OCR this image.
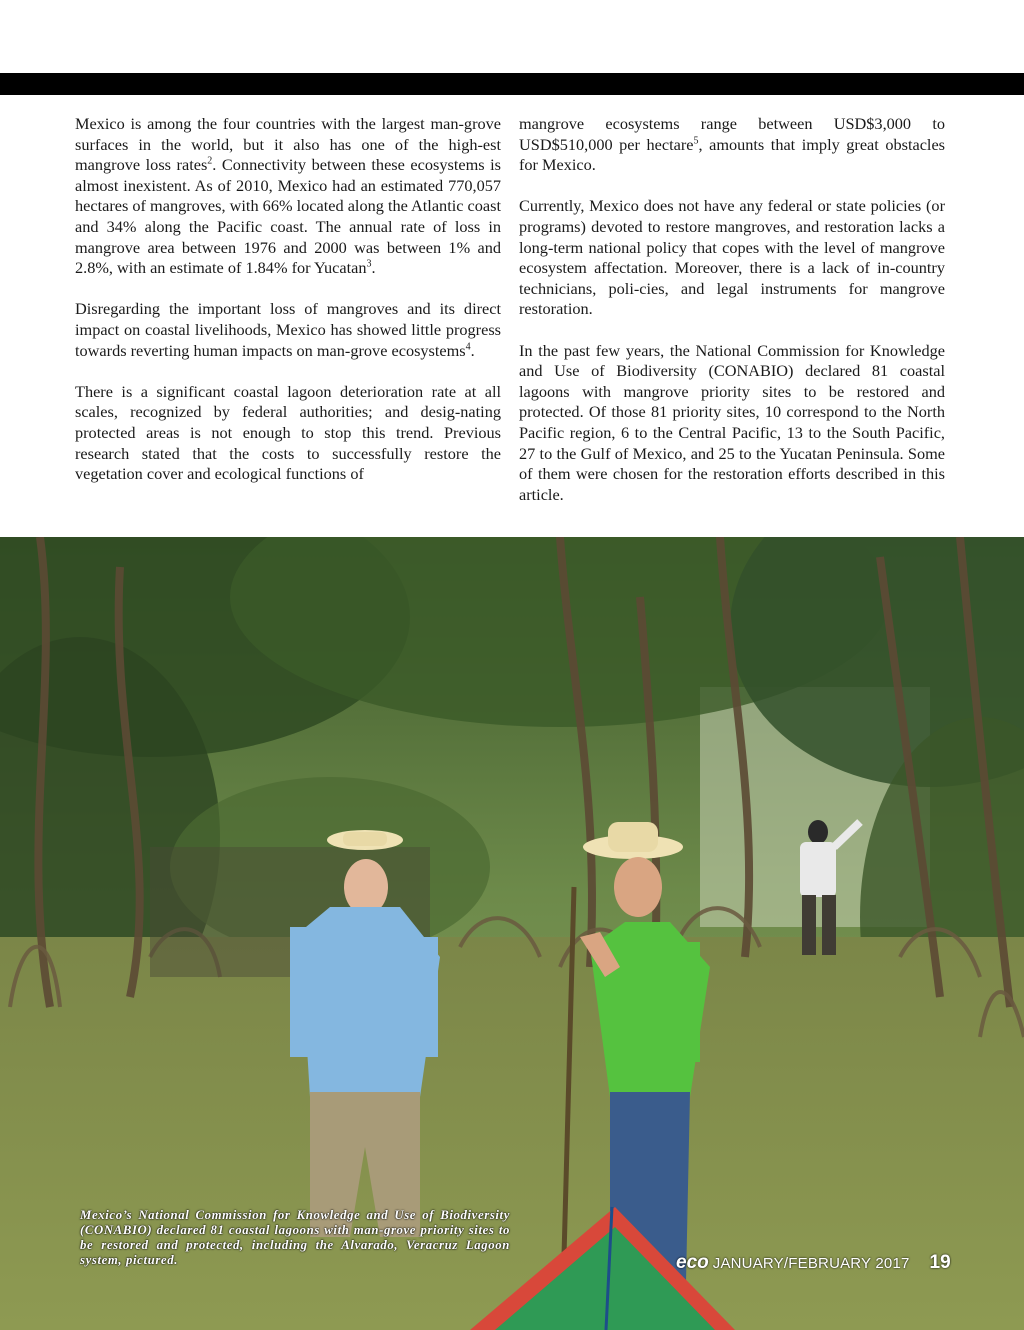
Mexico is among the four countries with the largest man-grove surfaces in the world, but it also has one of the high-est mangrove loss rates$^2$. Connectivity between these ecosystems is almost inexistent. As of 2010, Mexico had an estimated 770,057 hectares of mangroves, with 66% located along the Atlantic coast and 34% along the Pacific coast. The annual rate of loss in mangrove area between 1976 and 2000 was between 1% and 2.8%, with an estimate of 1.84% for Yucatan$^3$.

Disregarding the important loss of mangroves and its direct impact on coastal livelihoods, Mexico has showed little progress towards reverting human impacts on man-grove ecosystems$^4$.

There is a significant coastal lagoon deterioration rate at all scales, recognized by federal authorities; and desig-nating protected areas is not enough to stop this trend. Previous research stated that the costs to successfully restore the vegetation cover and ecological functions of

mangrove ecosystems range between USD$3,000 to USD$510,000 per hectare$^5$, amounts that imply great obstacles for Mexico.

Currently, Mexico does not have any federal or state policies (or programs) devoted to restore mangroves, and restoration lacks a long-term national policy that copes with the level of mangrove ecosystem affectation. Moreover, there is a lack of in-country technicians, poli-cies, and legal instruments for mangrove restoration.

In the past few years, the National Commission for Knowledge and Use of Biodiversity (CONABIO) declared 81 coastal lagoons with mangrove priority sites to be restored and protected. Of those 81 priority sites, 10 correspond to the North Pacific region, 6 to the Central Pacific, 13 to the South Pacific, 27 to the Gulf of Mexico, and 25 to the Yucatan Peninsula. Some of them were chosen for the restoration efforts described in this article.

Mexico’s National Commission for Knowledge and Use of Biodiversity (CONABIO) declared 81 coastal lagoons with man-grove priority sites to be restored and protected, including the Alvarado, Veracruz Lagoon system, pictured.	eco JANUARY/FEBRUARY 2017 19
